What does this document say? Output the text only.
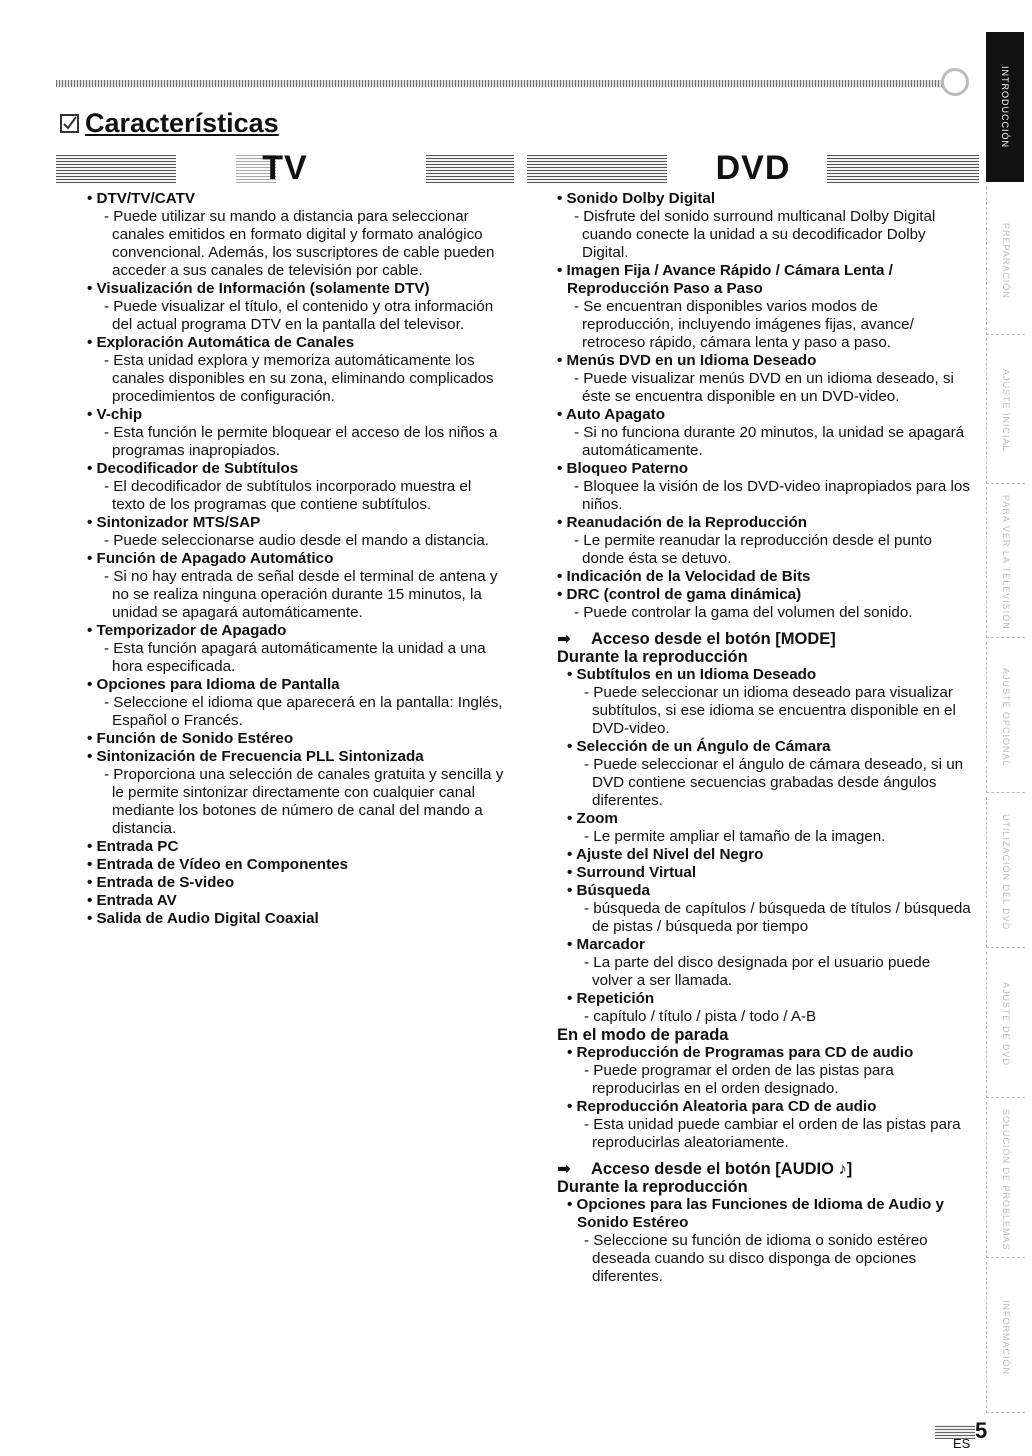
Características
TV	DVD
• DTV/TV/CATV
- Puede utilizar su mando a distancia para seleccionar canales emitidos en formato digital y formato analógico convencional. Además, los suscriptores de cable pueden acceder a sus canales de televisión por cable.
• Visualización de Información (solamente DTV)
- Puede visualizar el título, el contenido y otra información del actual programa DTV en la pantalla del televisor.
• Exploración Automática de Canales
- Esta unidad explora y memoriza automáticamente los canales disponibles en su zona, eliminando complicados procedimientos de configuración.
• V-chip
- Esta función le permite bloquear el acceso de los niños a programas inapropiados.
• Decodificador de Subtítulos
- El decodificador de subtítulos incorporado muestra el texto de los programas que contiene subtítulos.
• Sintonizador MTS/SAP
- Puede seleccionarse audio desde el mando a distancia.
• Función de Apagado Automático
- Si no hay entrada de señal desde el terminal de antena y no se realiza ninguna operación durante 15 minutos, la unidad se apagará automáticamente.
• Temporizador de Apagado
- Esta función apagará automáticamente la unidad a una hora especificada.
• Opciones para Idioma de Pantalla
- Seleccione el idioma que aparecerá en la pantalla: Inglés, Español o Francés.
• Función de Sonido Estéreo
• Sintonización de Frecuencia PLL Sintonizada
- Proporciona una selección de canales gratuita y sencilla y le permite sintonizar directamente con cualquier canal mediante los botones de número de canal del mando a distancia.
• Entrada PC
• Entrada de Vídeo en Componentes
• Entrada de S-video
• Entrada AV
• Salida de Audio Digital Coaxial
• Sonido Dolby Digital
- Disfrute del sonido surround multicanal Dolby Digital cuando conecte la unidad a su decodificador Dolby Digital.
• Imagen Fija / Avance Rápido / Cámara Lenta / Reproducción Paso a Paso
- Se encuentran disponibles varios modos de reproducción, incluyendo imágenes fijas, avance/ retroceso rápido, cámara lenta y paso a paso.
• Menús DVD en un Idioma Deseado
- Puede visualizar menús DVD en un idioma deseado, si éste se encuentra disponible en un DVD-video.
• Auto Apagato
- Si no funciona durante 20 minutos, la unidad se apagará automáticamente.
• Bloqueo Paterno
- Bloquee la visión de los DVD-video inapropiados para los niños.
• Reanudación de la Reproducción
- Le permite reanudar la reproducción desde el punto donde ésta se detuvo.
• Indicación de la Velocidad de Bits
• DRC (control de gama dinámica)
- Puede controlar la gama del volumen del sonido.
➡ Acceso desde el botón [MODE]
Durante la reproducción
• Subtítulos en un Idioma Deseado
- Puede seleccionar un idioma deseado para visualizar subtítulos, si ese idioma se encuentra disponible en el DVD-video.
• Selección de un Ángulo de Cámara
- Puede seleccionar el ángulo de cámara deseado, si un DVD contiene secuencias grabadas desde ángulos diferentes.
• Zoom
- Le permite ampliar el tamaño de la imagen.
• Ajuste del Nivel del Negro
• Surround Virtual
• Búsqueda
- búsqueda de capítulos / búsqueda de títulos / búsqueda de pistas / búsqueda por tiempo
• Marcador
- La parte del disco designada por el usuario puede volver a ser llamada.
• Repetición
- capítulo / título / pista / todo / A-B
En el modo de parada
• Reproducción de Programas para CD de audio
- Puede programar el orden de las pistas para reproducirlas en el orden designado.
• Reproducción Aleatoria para CD de audio
- Esta unidad puede cambiar el orden de las pistas para reproducirlas aleatoriamente.
➡ Acceso desde el botón [AUDIO ♪]
Durante la reproducción
• Opciones para las Funciones de Idioma de Audio y Sonido Estéreo
- Seleccione su función de idioma o sonido estéreo deseada cuando su disco disponga de opciones diferentes.
INTRODUCCIÓN
PREPARACIÓN
AJUSTE INICIAL
PARA VER LA TELEVISIÓN
AJUSTE OPCIONAL
UTILIZACIÓN DEL DVD
AJUSTE DE DVD
SOLUCIÓN DE PROBLEMAS
INFORMACIÓN
5
ES
